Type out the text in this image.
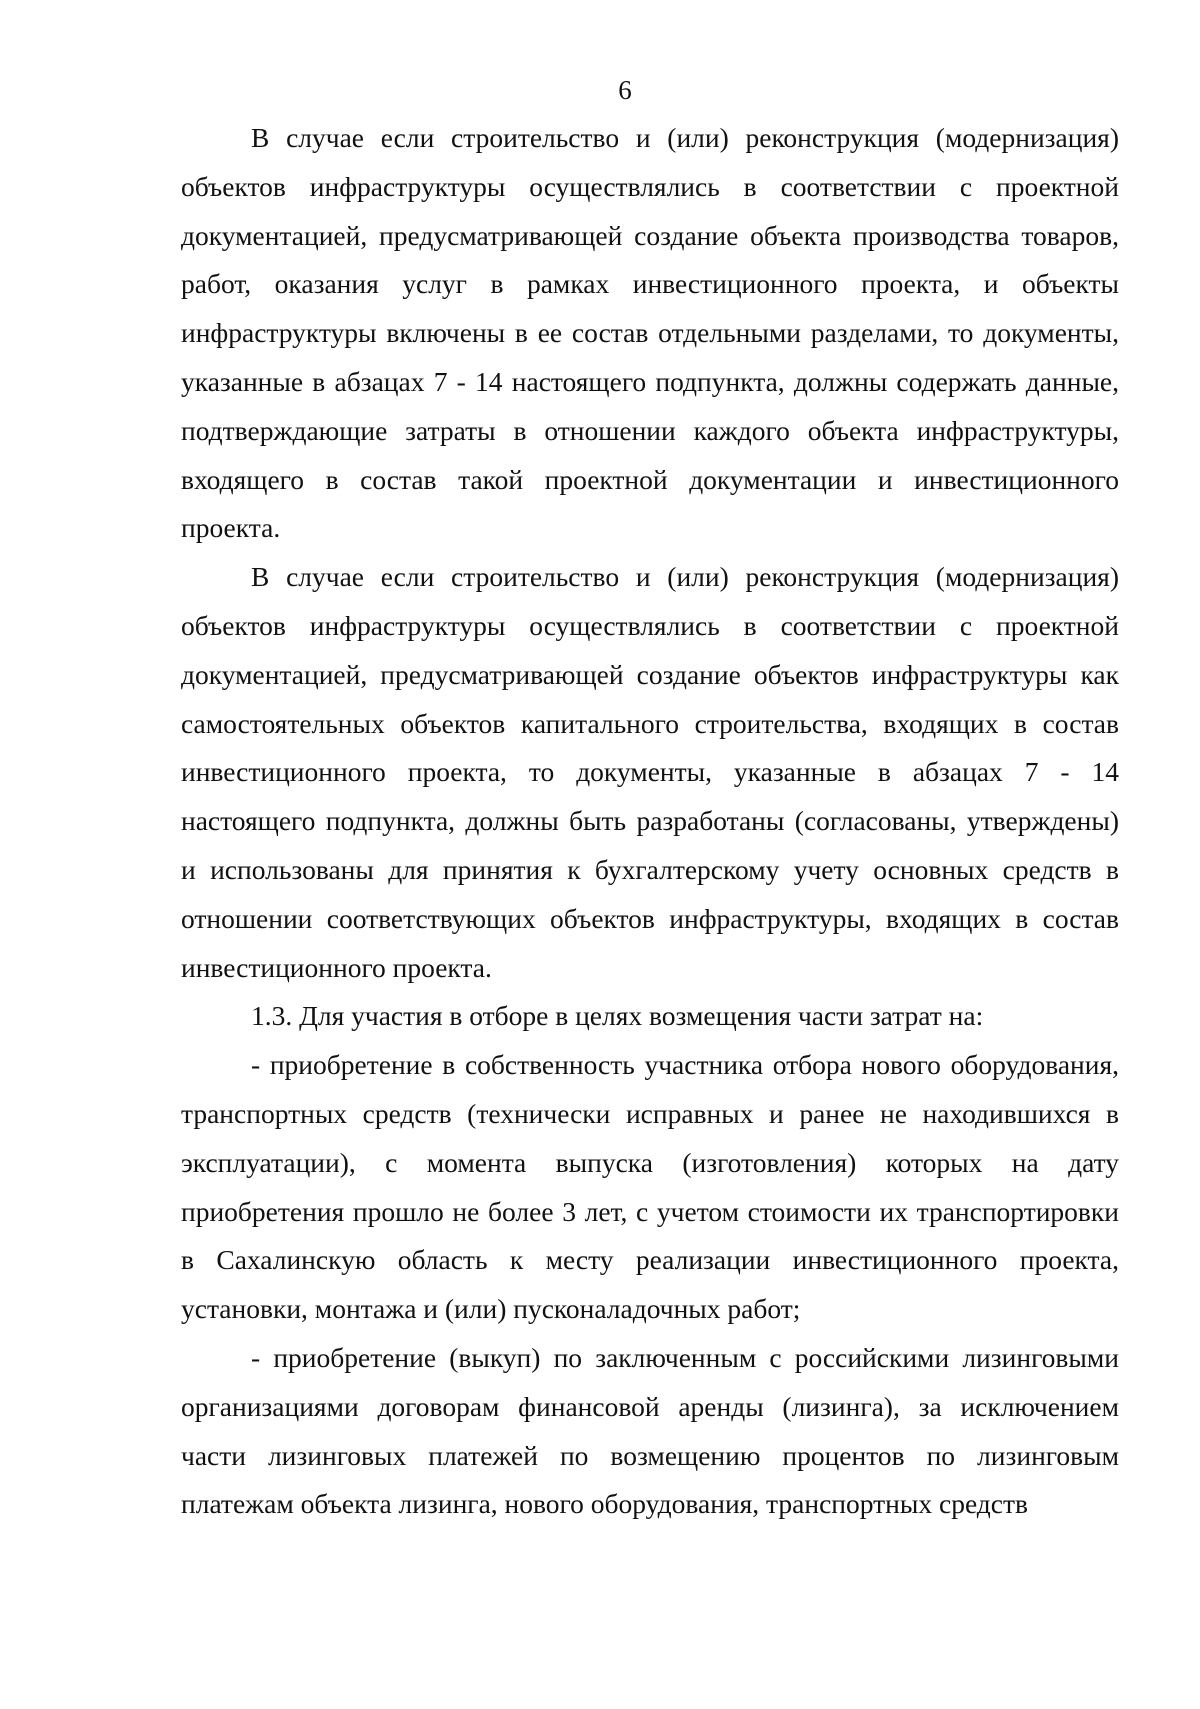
6

В случае если строительство и (или) реконструкция (модернизация) объектов инфраструктуры осуществлялись в соответствии с проектной документацией, предусматривающей создание объекта производства товаров, работ, оказания услуг в рамках инвестиционного проекта, и объекты инфраструктуры включены в ее состав отдельными разделами, то документы, указанные в абзацах 7 - 14 настоящего подпункта, должны содержать данные, подтверждающие затраты в отношении каждого объекта инфраструктуры, входящего в состав такой проектной документации и инвестиционного проекта.

В случае если строительство и (или) реконструкция (модернизация) объектов инфраструктуры осуществлялись в соответствии с проектной документацией, предусматривающей создание объектов инфраструктуры как самостоятельных объектов капитального строительства, входящих в состав инвестиционного проекта, то документы, указанные в абзацах 7 - 14 настоящего подпункта, должны быть разработаны (согласованы, утверждены) и использованы для принятия к бухгалтерскому учету основных средств в отношении соответствующих объектов инфраструктуры, входящих в состав инвестиционного проекта.

1.3. Для участия в отборе в целях возмещения части затрат на:

- приобретение в собственность участника отбора нового оборудования, транспортных средств (технически исправных и ранее не находившихся в эксплуатации), с момента выпуска (изготовления) которых на дату приобретения прошло не более 3 лет, с учетом стоимости их транспортировки в Сахалинскую область к месту реализации инвестиционного проекта, установки, монтажа и (или) пусконаладочных работ;

- приобретение (выкуп) по заключенным с российскими лизинговыми организациями договорам финансовой аренды (лизинга), за исключением части лизинговых платежей по возмещению процентов по лизинговым платежам объекта лизинга, нового оборудования, транспортных средств
